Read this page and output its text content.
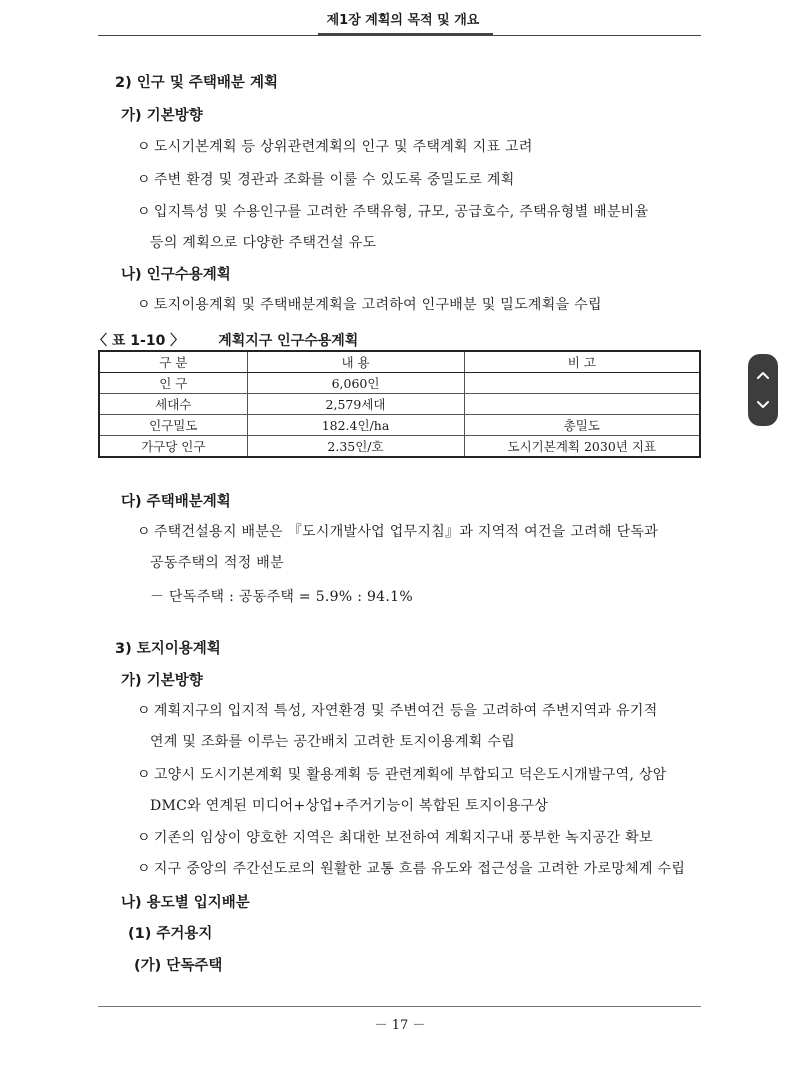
제1장 계획의 목적 및 개요
2) 인구 및 주택배분 계획
가) 기본방향
ㅇ 도시기본계획 등 상위관련계획의 인구 및 주택계획 지표 고려
ㅇ 주변 환경 및 경관과 조화를 이룰 수 있도록 중밀도로 계획
ㅇ 입지특성 및 수용인구를 고려한 주택유형, 규모, 공급호수, 주택유형별 배분비율
등의 계획으로 다양한 주택건설 유도
나) 인구수용계획
ㅇ 토지이용계획 및 주택배분계획을 고려하여 인구배분 및 밀도계획을 수립
〈 표 1-10 〉 계획지구 인구수용계획
구 분	내 용	비 고
인 구	6,060인	
세대수	2,579세대	
인구밀도	182.4인/ha	총밀도
가구당 인구	2.35인/호	도시기본계획 2030년 지표
다) 주택배분계획
ㅇ 주택건설용지 배분은 『도시개발사업 업무지침』과 지역적 여건을 고려해 단독과
공동주택의 적정 배분
－ 단독주택 : 공동주택 = 5.9% : 94.1%
3) 토지이용계획
가) 기본방향
ㅇ 계획지구의 입지적 특성, 자연환경 및 주변여건 등을 고려하여 주변지역과 유기적
연계 및 조화를 이루는 공간배치 고려한 토지이용계획 수립
ㅇ 고양시 도시기본계획 및 활용계획 등 관련계획에 부합되고 덕은도시개발구역, 상암
DMC와 연계된 미디어+상업+주거기능이 복합된 토지이용구상
ㅇ 기존의 임상이 양호한 지역은 최대한 보전하여 계획지구내 풍부한 녹지공간 확보
ㅇ 지구 중앙의 주간선도로의 원활한 교통 흐름 유도와 접근성을 고려한 가로망체계 수립
나) 용도별 입지배분
(1) 주거용지
(가) 단독주택
－ 17 －
